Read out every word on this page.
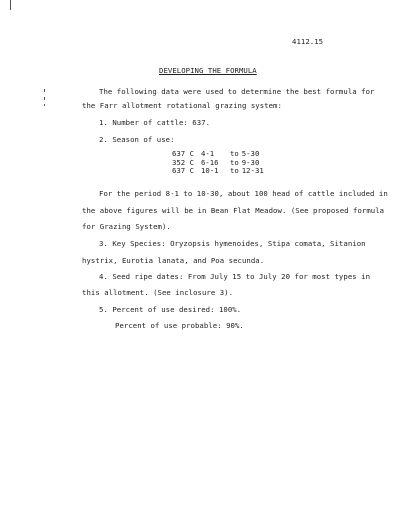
4112.15
DEVELOPING THE FORMULA
The following data were used to determine the best formula for
the Farr allotment rotational grazing system:
1. Number of cattle: 637.
2. Season of use:
637 C	4-1	to	5-30
352 C	6-16	to	9-30
637 C	10-1	to	12-31
For the period 8-1 to 10-30, about 100 head of cattle included in
the above figures will be in Bean Flat Meadow. (See proposed formula
for Grazing System).
3. Key Species: Oryzopsis hymenoides, Stipa comata, Sitanion
hystrix, Eurotia lanata, and Poa secunda.
4. Seed ripe dates: From July 15 to July 20 for most types in
this allotment. (See inclosure 3).
5. Percent of use desired: 100%.
Percent of use probable: 90%.
